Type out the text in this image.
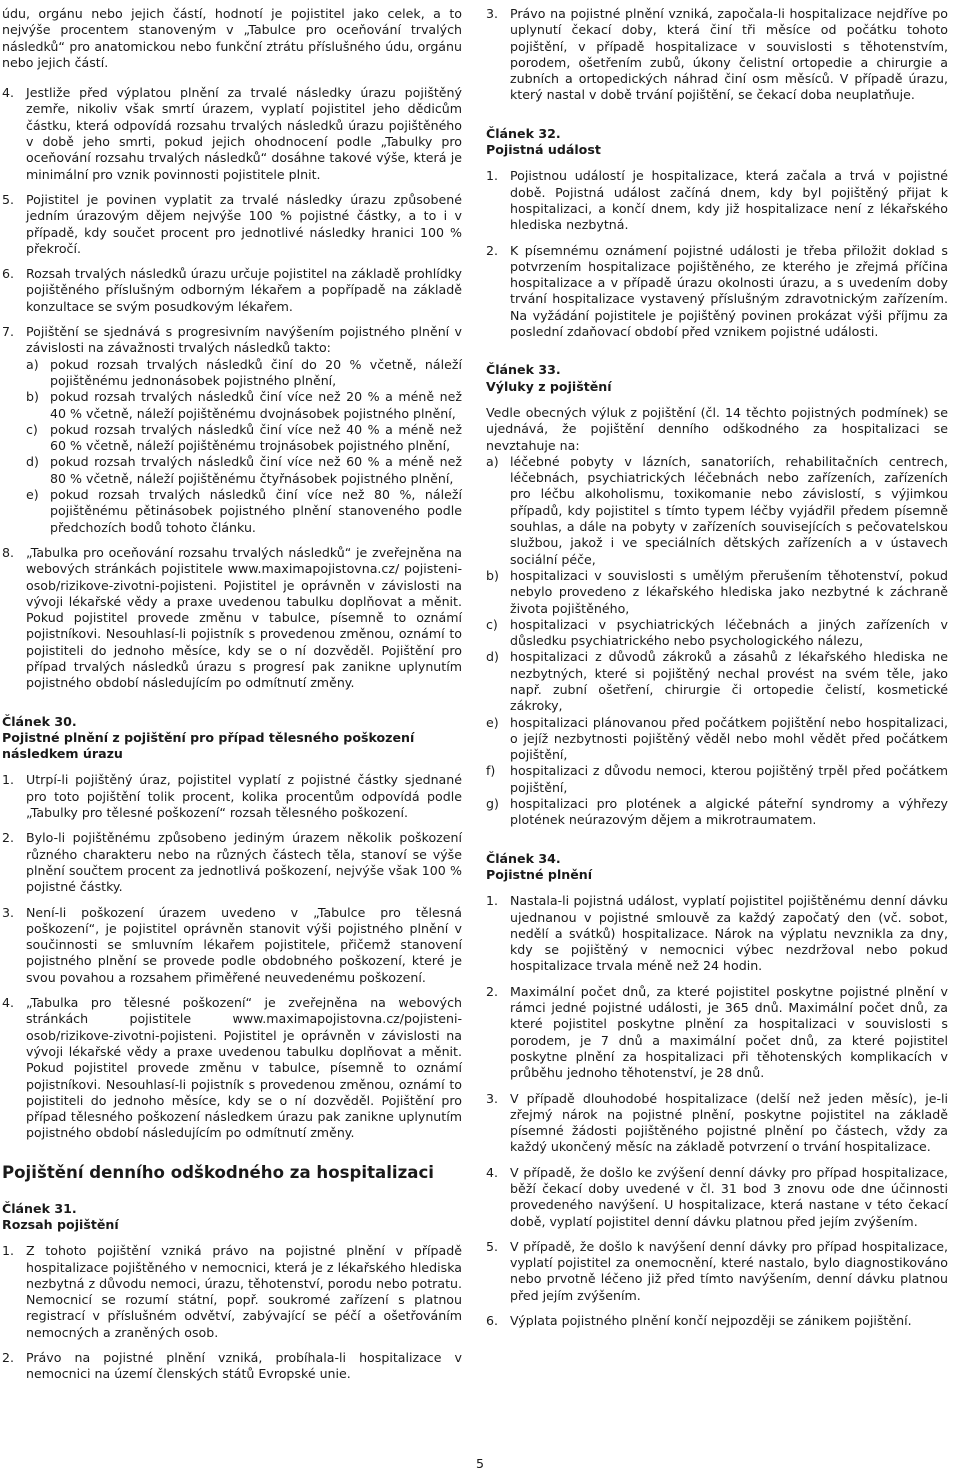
údu, orgánu nebo jejich částí, hodnotí je pojistitel jako celek, a to nejvýše procentem stanoveným v „Tabulce pro oceňování trvalých následků“ pro anatomickou nebo funkční ztrátu příslušného údu, orgánu nebo jejich částí.

4. Jestliže před výplatou plnění za trvalé následky úrazu pojištěný zemře, nikoliv však smrtí úrazem, vyplatí pojistitel jeho dědicům částku, která odpovídá rozsahu trvalých následků úrazu pojištěného v době jeho smrti, pokud jejich ohodnocení podle „Tabulky pro oceňování rozsahu trvalých následků“ dosáhne takové výše, která je minimální pro vznik povinnosti pojistitele plnit.
5. Pojistitel je povinen vyplatit za trvalé následky úrazu způsobené jedním úrazovým dějem nejvýše 100 % pojistné částky, a to i v případě, kdy součet procent pro jednotlivé následky hranici 100 % překročí.
6. Rozsah trvalých následků úrazu určuje pojistitel na základě prohlídky pojištěného příslušným odborným lékařem a popřípadě na základě konzultace se svým posudkovým lékařem.
7. Pojištění se sjednává s progresivním navýšením pojistného plnění v závislosti na závažnosti trvalých následků takto:
a) pokud rozsah trvalých následků činí do 20 % včetně, náleží pojištěnému jednonásobek pojistného plnění,
b) pokud rozsah trvalých následků činí více než 20 % a méně než 40 % včetně, náleží pojištěnému dvojnásobek pojistného plnění,
c) pokud rozsah trvalých následků činí více než 40 % a méně než 60 % včetně, náleží pojištěnému trojnásobek pojistného plnění,
d) pokud rozsah trvalých následků činí více než 60 % a méně než 80 % včetně, náleží pojištěnému čtyřnásobek pojistného plnění,
e) pokud rozsah trvalých následků činí více než 80 %, náleží pojištěnému pětinásobek pojistného plnění stanoveného podle předchozích bodů tohoto článku.
8. „Tabulka pro oceňování rozsahu trvalých následků“ je zveřejněna na webových stránkách pojistitele www.maximapojistovna.cz/ pojisteni-osob/rizikove-zivotni-pojisteni. Pojistitel je oprávněn v závislosti na vývoji lékařské vědy a praxe uvedenou tabulku doplňovat a měnit. Pokud pojistitel provede změnu v tabulce, písemně to oznámí pojistníkovi. Nesouhlasí-li pojistník s provedenou změnou, oznámí to pojistiteli do jednoho měsíce, kdy se o ní dozvěděl. Pojištění pro případ trvalých následků úrazu s progresí pak zanikne uplynutím pojistného období následujícím po odmítnutí změny.
Článek 30.
Pojistné plnění z pojištění pro případ tělesného poškození následkem úrazu
1. Utrpí-li pojištěný úraz, pojistitel vyplatí z pojistné částky sjednané pro toto pojištění tolik procent, kolika procentům odpovídá podle „Tabulky pro tělesné poškození“ rozsah tělesného poškození.
2. Bylo-li pojištěnému způsobeno jediným úrazem několik poškození různého charakteru nebo na různých částech těla, stanoví se výše plnění součtem procent za jednotlivá poškození, nejvýše však 100 % pojistné částky.
3. Není-li poškození úrazem uvedeno v „Tabulce pro tělesná poškození“, je pojistitel oprávněn stanovit výši pojistného plnění v součinnosti se smluvním lékařem pojistitele, přičemž stanovení pojistného plnění se provede podle obdobného poškození, které je svou povahou a rozsahem přiměřené neuvedenému poškození.
4. „Tabulka pro tělesné poškození“ je zveřejněna na webových stránkách pojistitele www.maximapojistovna.cz/pojisteni-osob/rizikove-zivotni-pojisteni. Pojistitel je oprávněn v závislosti na vývoji lékařské vědy a praxe uvedenou tabulku doplňovat a měnit. Pokud pojistitel provede změnu v tabulce, písemně to oznámí pojistníkovi. Nesouhlasí-li pojistník s provedenou změnou, oznámí to pojistiteli do jednoho měsíce, kdy se o ní dozvěděl. Pojištění pro případ tělesného poškození následkem úrazu pak zanikne uplynutím pojistného období následujícím po odmítnutí změny.
Pojištění denního odškodného za hospitalizaci
Článek 31.
Rozsah pojištění
1. Z tohoto pojištění vzniká právo na pojistné plnění v případě hospitalizace pojištěného v nemocnici, která je z lékařského hlediska nezbytná z důvodu nemoci, úrazu, těhotenství, porodu nebo potratu. Nemocnicí se rozumí státní, popř. soukromé zařízení s platnou registrací v příslušném odvětví, zabývající se péčí a ošetřováním nemocných a zraněných osob.
2. Právo na pojistné plnění vzniká, probíhala-li hospitalizace v nemocnici na území členských států Evropské unie.
3. Právo na pojistné plnění vzniká, započala-li hospitalizace nejdříve po uplynutí čekací doby, která činí tři měsíce od počátku tohoto pojištění, v případě hospitalizace v souvislosti s těhotenstvím, porodem, ošetřením zubů, úkony čelistní ortopedie a chirurgie a zubních a ortopedických náhrad činí osm měsíců. V případě úrazu, který nastal v době trvání pojištění, se čekací doba neuplatňuje.
Článek 32.
Pojistná událost
1. Pojistnou událostí je hospitalizace, která začala a trvá v pojistné době. Pojistná událost začíná dnem, kdy byl pojištěný přijat k hospitalizaci, a končí dnem, kdy již hospitalizace není z lékařského hlediska nezbytná.
2. K písemnému oznámení pojistné události je třeba přiložit doklad s potvrzením hospitalizace pojištěného, ze kterého je zřejmá příčina hospitalizace a v případě úrazu okolnosti úrazu, a s uvedením doby trvání hospitalizace vystavený příslušným zdravotnickým zařízením. Na vyžádání pojistitele je pojištěný povinen prokázat výši příjmu za poslední zdaňovací období před vznikem pojistné události.
Článek 33.
Výluky z pojištění

Vedle obecných výluk z pojištění (čl. 14 těchto pojistných podmínek) se ujednává, že pojištění denního odškodného za hospitalizaci se nevztahuje na:

a) léčebné pobyty v lázních, sanatoriích, rehabilitačních centrech, léčebnách, psychiatrických léčebnách nebo zařízeních, zařízeních pro léčbu alkoholismu, toxikomanie nebo závislostí, s výjimkou případů, kdy pojistitel s tímto typem léčby vyjádřil předem písemně souhlas, a dále na pobyty v zařízeních souvisejících s pečovatelskou službou, jakož i ve speciálních dětských zařízeních a v ústavech sociální péče,
b) hospitalizaci v souvislosti s umělým přerušením těhotenství, pokud nebylo provedeno z lékařského hlediska jako nezbytné k záchraně života pojištěného,
c) hospitalizaci v psychiatrických léčebnách a jiných zařízeních v důsledku psychiatrického nebo psychologického nálezu,
d) hospitalizaci z důvodů zákroků a zásahů z lékařského hlediska ne nezbytných, které si pojištěný nechal provést na svém těle, jako např. zubní ošetření, chirurgie či ortopedie čelistí, kosmetické zákroky,
e) hospitalizaci plánovanou před počátkem pojištění nebo hospitalizaci, o jejíž nezbytnosti pojištěný věděl nebo mohl vědět před počátkem pojištění,
f)	hospitalizaci z důvodu nemoci, kterou pojištěný trpěl před počátkem pojištění,
g) hospitalizaci pro plotének a algické páteřní syndromy a výhřezy plotének neúrazovým dějem a mikrotraumatem.
Článek 34.
Pojistné plnění
1. Nastala-li pojistná událost, vyplatí pojistitel pojištěnému denní dávku ujednanou v pojistné smlouvě za každý započatý den (vč. sobot, nedělí a svátků) hospitalizace. Nárok na výplatu nevznikla za dny, kdy se pojištěný v nemocnici výbec nezdržoval nebo pokud hospitalizace trvala méně než 24 hodin.
2. Maximální počet dnů, za které pojistitel poskytne pojistné plnění v rámci jedné pojistné události, je 365 dnů. Maximální počet dnů, za které pojistitel poskytne plnění za hospitalizaci v souvislosti s porodem, je 7 dnů a maximální počet dnů, za které pojistitel poskytne plnění za hospitalizaci při těhotenských komplikacích v průběhu jednoho těhotenství, je 28 dnů.
3. V případě dlouhodobé hospitalizace (delší než jeden měsíc), je-li zřejmý nárok na pojistné plnění, poskytne pojistitel na základě písemné žádosti pojištěného pojistné plnění po částech, vždy za každý ukončený měsíc na základě potvrzení o trvání hospitalizace.
4. V případě, že došlo ke zvýšení denní dávky pro případ hospitalizace, běží čekací doby uvedené v čl. 31 bod 3 znovu ode dne účinnosti provedeného navýšení. U hospitalizace, která nastane v této čekací době, vyplatí pojistitel denní dávku platnou před jejím zvýšením.
5. V případě, že došlo k navýšení denní dávky pro případ hospitalizace, vyplatí pojistitel za onemocnění, které nastalo, bylo diagnostikováno nebo prvotně léčeno již před tímto navýšením, denní dávku platnou před jejím zvýšením.
6. Výplata pojistného plnění končí nejpozději se zánikem pojištění.
5
